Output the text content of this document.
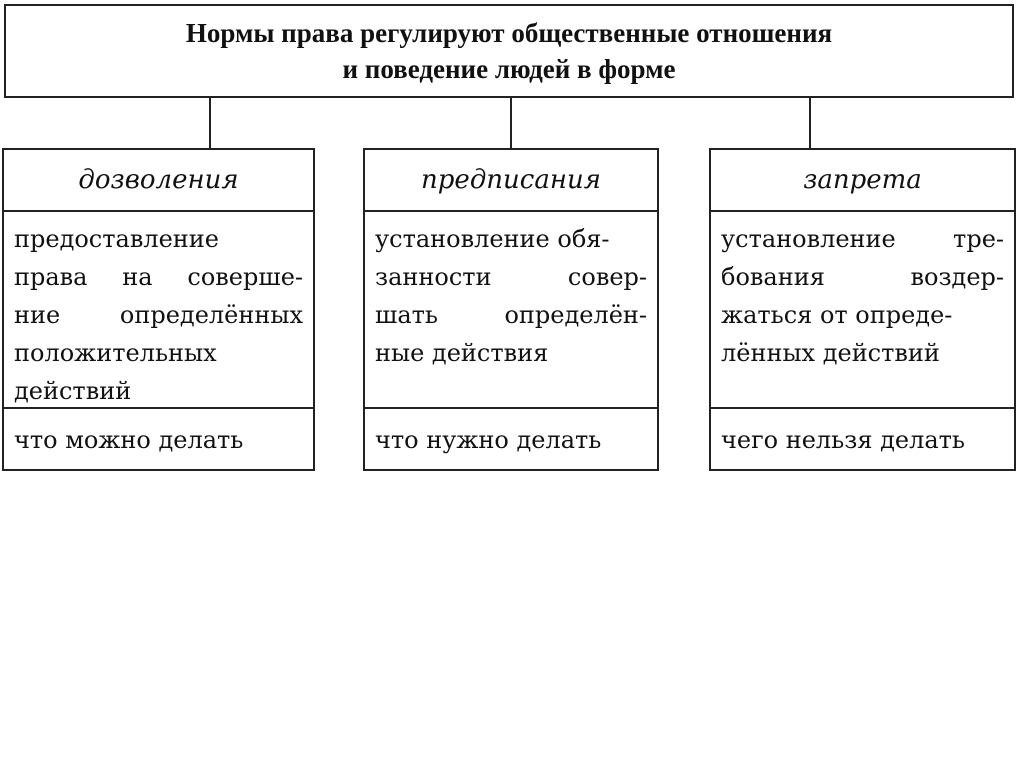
Нормы права регулируют общественные отношения
и поведение людей в форме
дозволения
предоставление
права на соверше-
ние определённых
положительных
действий
что можно делать
предписания
установление обя-
занности	совер-
шать	определён-
ные действия
что нужно делать
запрета
установление тре-
бования	воздер-
жаться от опреде-
лённых действий
чего нельзя делать
